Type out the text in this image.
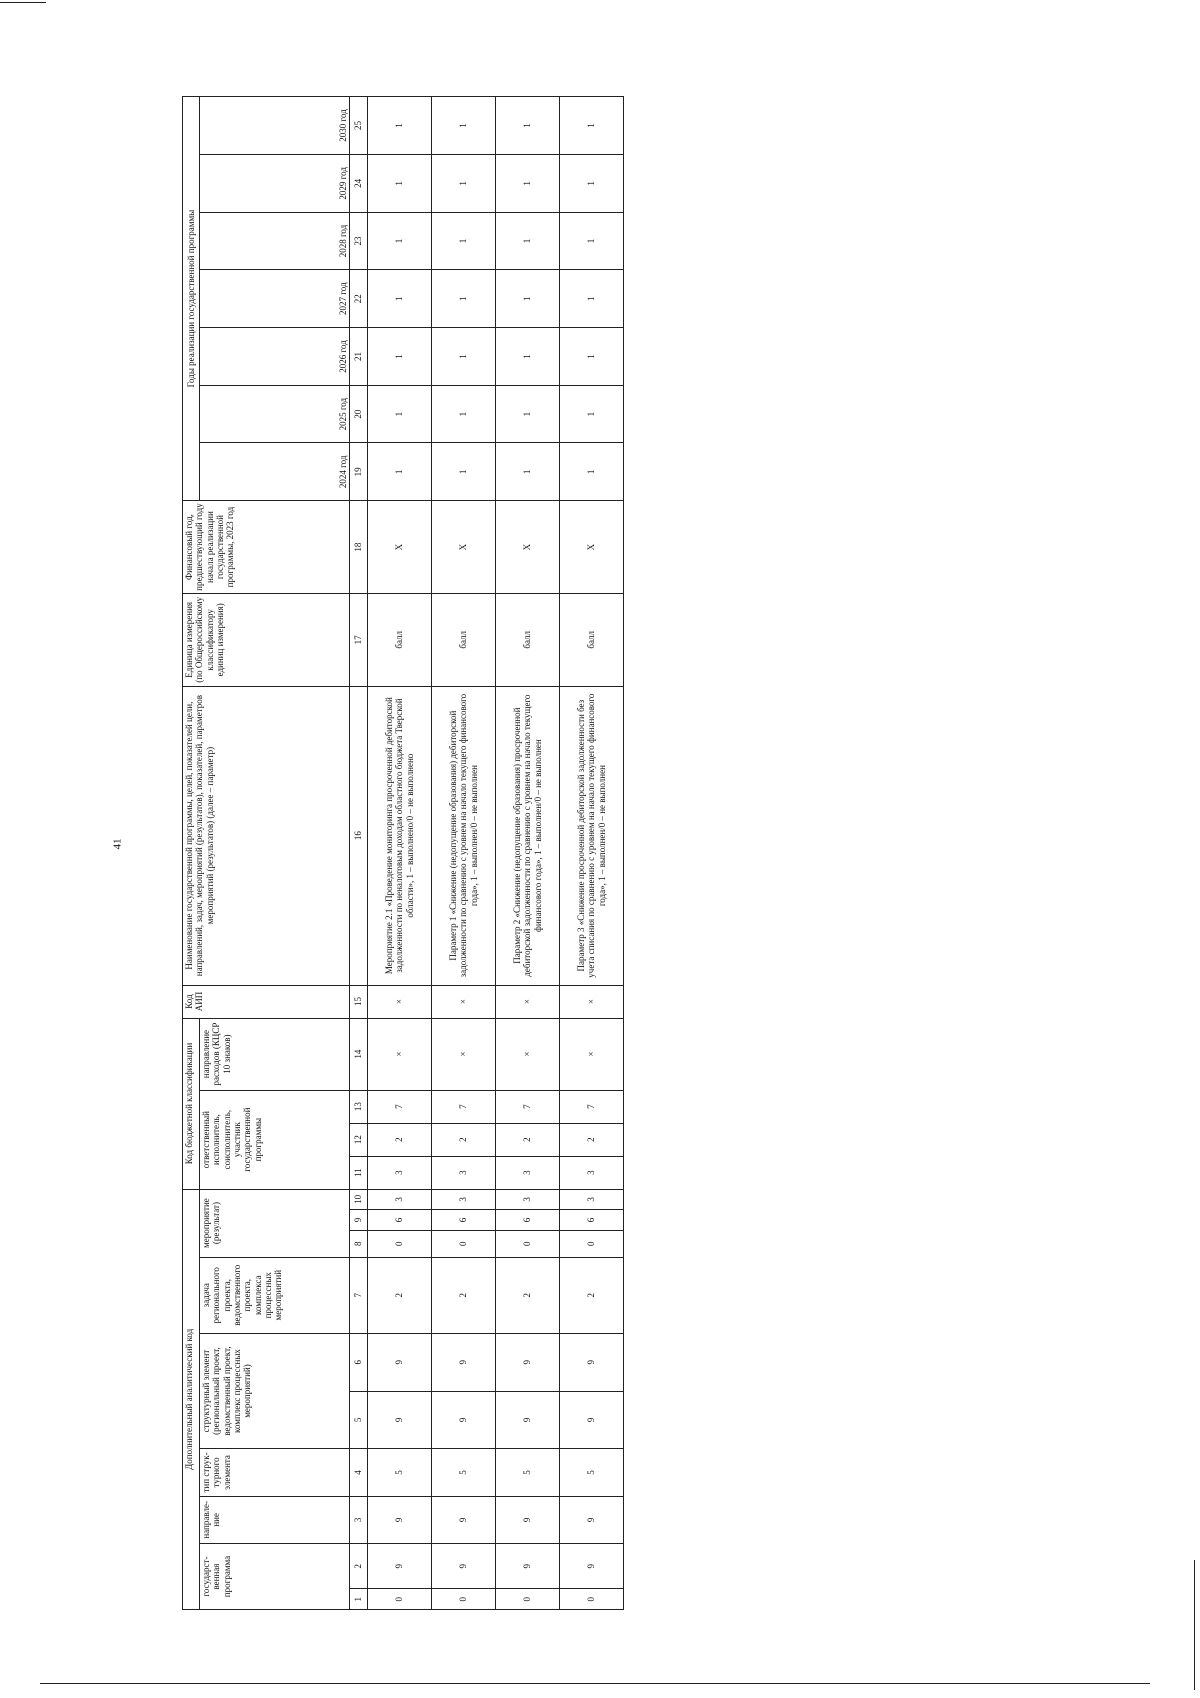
41
Дополнительный аналитический код										Код бюджетной классификации				Код АИП	Наименование государственной программы, целей, показателей цели, направлений, задач, мероприятий (результатов), показателей, параметров мероприятий (результатов) (далее – параметр)	Единица измерения (по Общероссийскому классификатору единиц измерения)	Финансовый год, предшествующий году начала реализации государственной программы, 2023 год	Годы реализации государственной программы						
государст-венная программа		направле-ние	тип струк-турного элемента	структурный элемент (региональный проект, ведомственный проект, комплекс процессных мероприятий)		задача регионального проекта, ведомственного проекта, комплекса процессных мероприятий	мероприятие (результат)			ответственный исполнитель, соисполнитель, участник государственной программы			направление расходов (КЦСР 10 знаков)					2024 год	2025 год	2026 год	2027 год	2028 год	2029 год	2030 год
1	2	3	4	5	6	7	8	9	10	11	12	13	14	15	16	17	18	19	20	21	22	23	24	25
0	9	9	5	9	9	2	0	6	3	3	2	7	×	×	Мероприятие 2.1 «Проведение мониторинга просроченной дебиторской задолженности по неналоговым доходам областного бюджета Тверской области», 1 – выполнено/0 – не выполнено	балл	Х	1	1	1	1	1	1	1
0	9	9	5	9	9	2	0	6	3	3	2	7	×	×	Параметр 1 «Снижение (недопущение образования) дебиторской задолженности по сравнению с уровнем на начало текущего финансового года», 1 – выполнен/0 – не выполнен	балл	Х	1	1	1	1	1	1	1
0	9	9	5	9	9	2	0	6	3	3	2	7	×	×	Параметр 2 «Снижение (недопущение образования) просроченной дебиторской задолженности по сравнению с уровнем на начало текущего финансового года», 1 – выполнен/0 – не выполнен	балл	Х	1	1	1	1	1	1	1
0	9	9	5	9	9	2	0	6	3	3	2	7	×	×	Параметр 3 «Снижение просроченной дебиторской задолженности без учета списания по сравнению с уровнем на начало текущего финансового года», 1 – выполнен/0 – не выполнен	балл	Х	1	1	1	1	1	1	1
